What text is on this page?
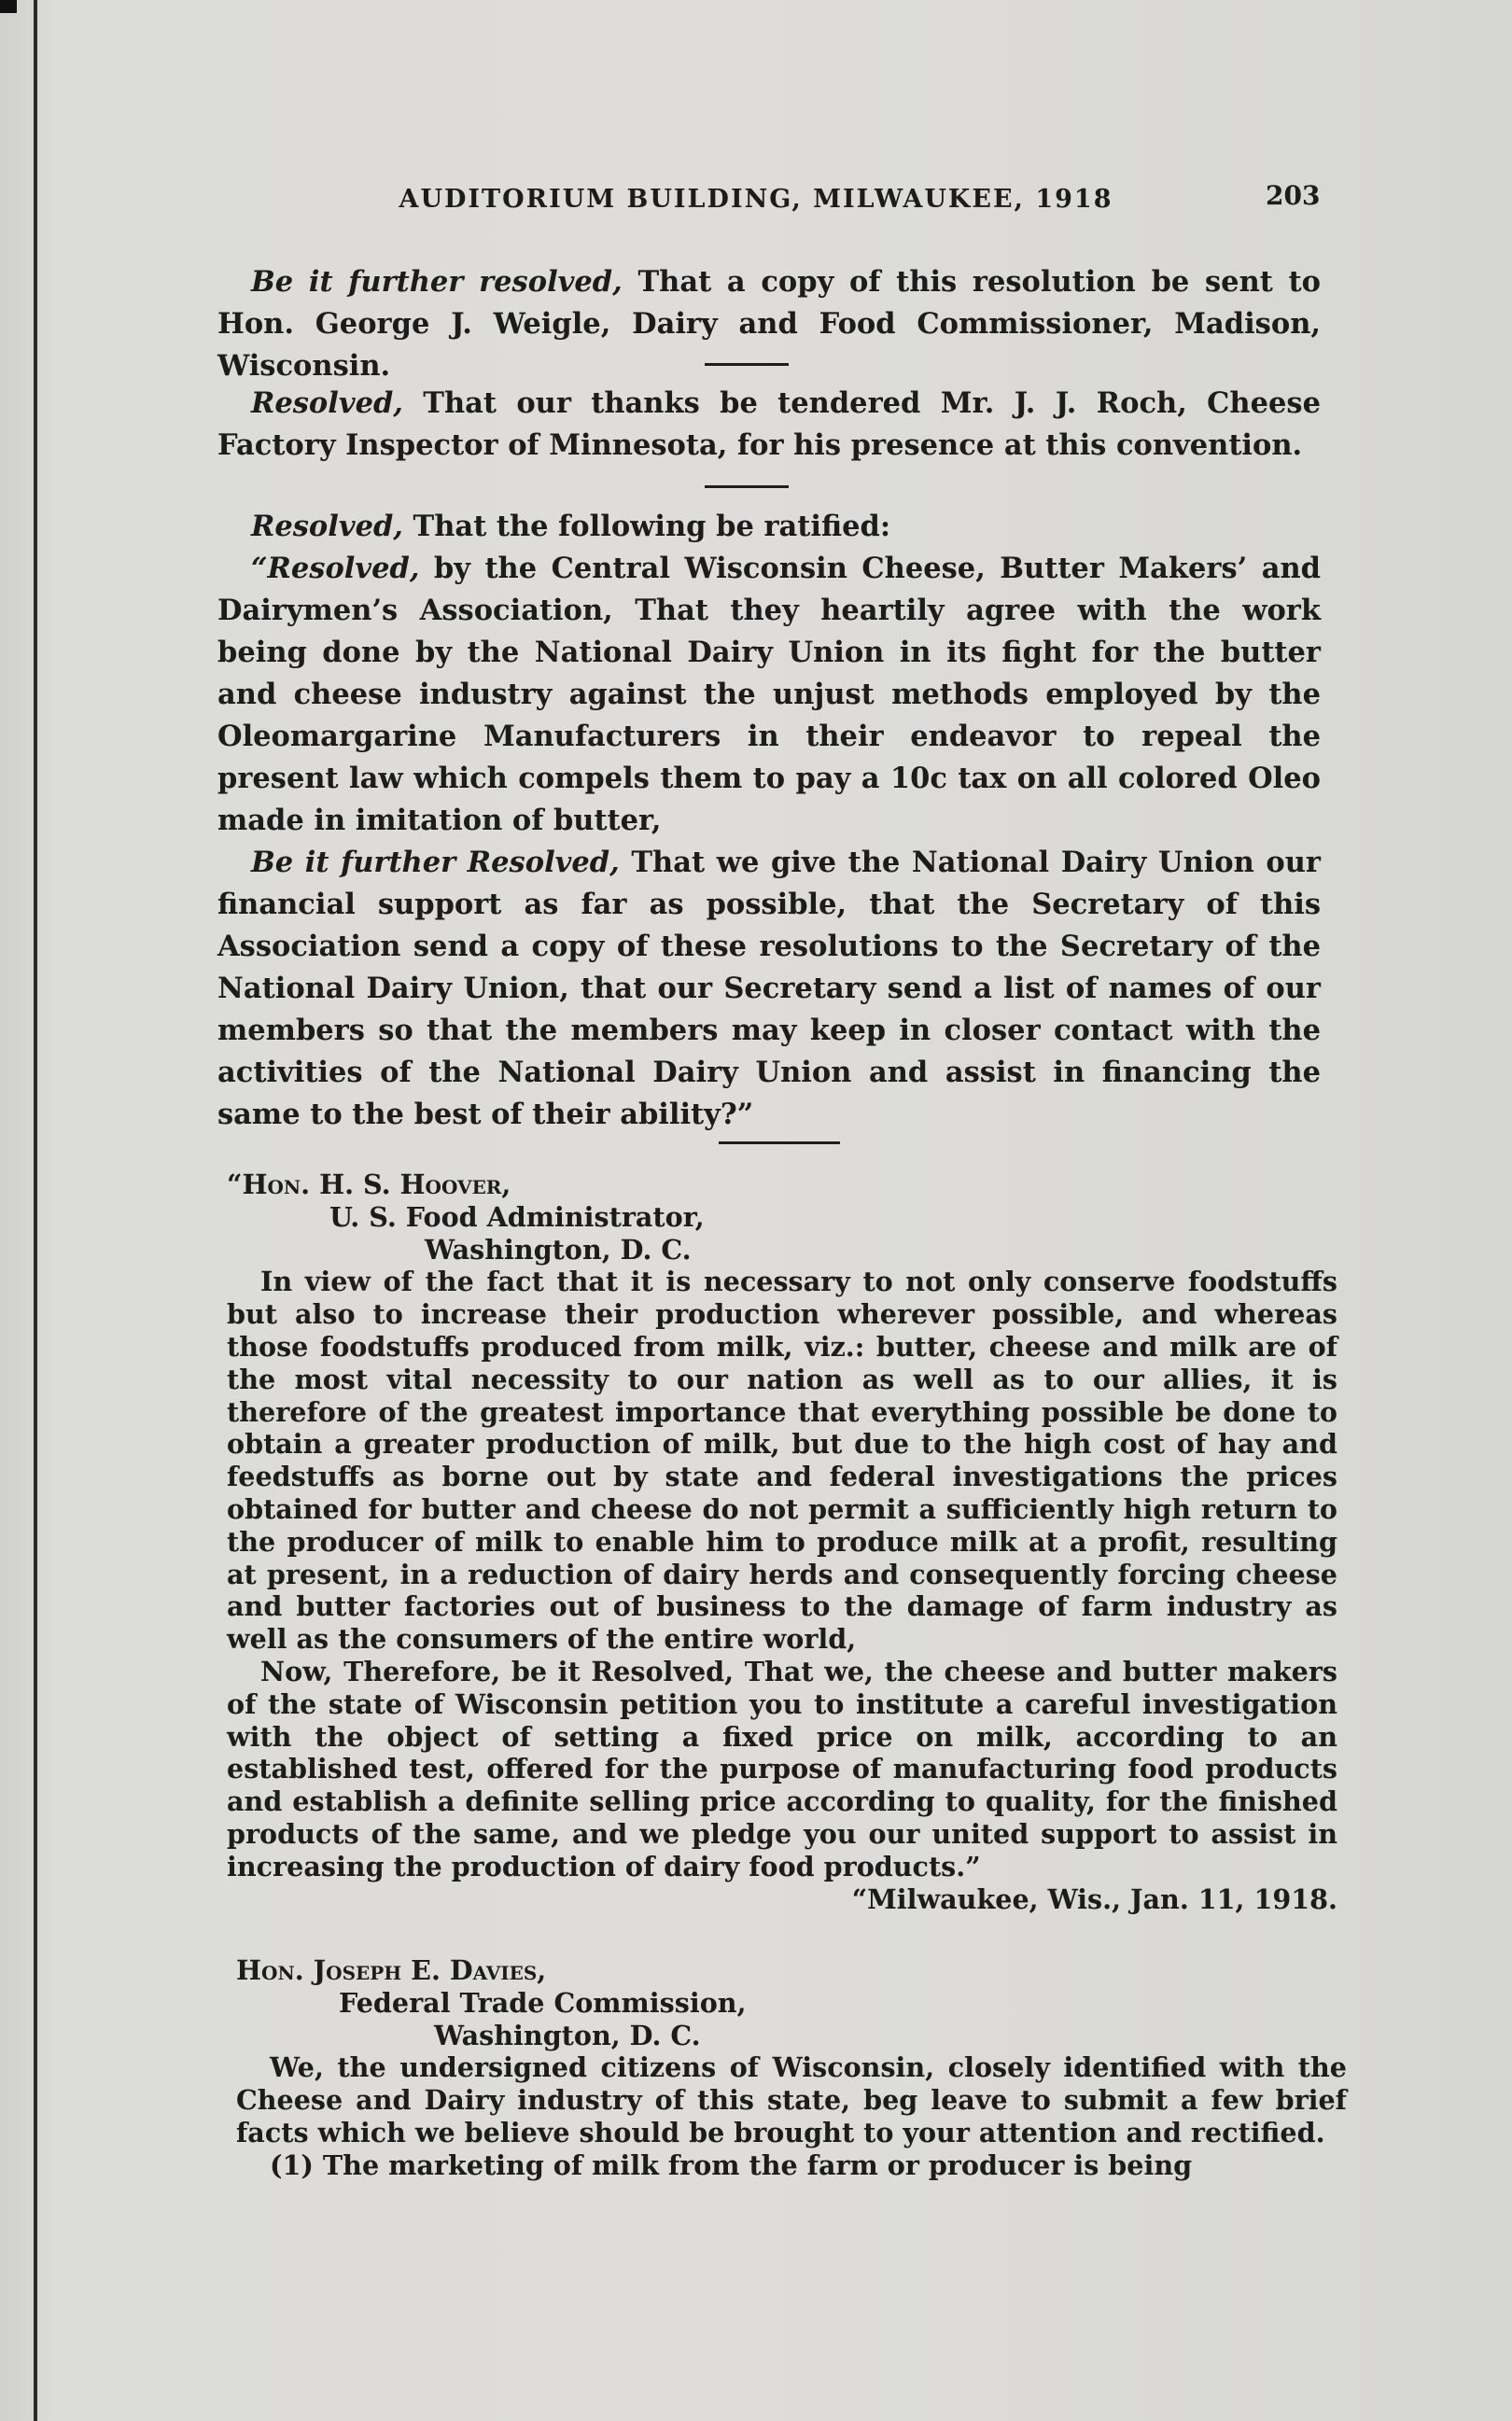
AUDITORIUM BUILDING, MILWAUKEE, 1918	203
Be it further resolved, That a copy of this resolution be sent to Hon. George J. Weigle, Dairy and Food Commissioner, Madison, Wisconsin.
Resolved, That our thanks be tendered Mr. J. J. Roch, Cheese Factory Inspector of Minnesota, for his presence at this convention.

Resolved, That the following be ratified:

“Resolved, by the Central Wisconsin Cheese, Butter Makers’ and Dairymen’s Association, That they heartily agree with the work being done by the National Dairy Union in its fight for the butter and cheese industry against the unjust methods employed by the Oleomargarine Manufacturers in their endeavor to repeal the present law which compels them to pay a 10c tax on all colored Oleo made in imitation of butter,

Be it further Resolved, That we give the National Dairy Union our financial support as far as possible, that the Secretary of this Association send a copy of these resolutions to the Secretary of the National Dairy Union, that our Secretary send a list of names of our members so that the members may keep in closer contact with the activities of the National Dairy Union and assist in financing the same to the best of their ability?”

“Hon. H. S. Hoover,

U. S. Food Administrator,

Washington, D. C.

In view of the fact that it is necessary to not only conserve foodstuffs but also to increase their production wherever possible, and whereas those foodstuffs produced from milk, viz.: butter, cheese and milk are of the most vital necessity to our nation as well as to our allies, it is therefore of the greatest importance that everything possible be done to obtain a greater production of milk, but due to the high cost of hay and feedstuffs as borne out by state and federal investigations the prices obtained for butter and cheese do not permit a sufficiently high return to the producer of milk to enable him to produce milk at a profit, resulting at present, in a reduction of dairy herds and consequently forcing cheese and butter factories out of business to the damage of farm industry as well as the consumers of the entire world,

Now, Therefore, be it Resolved, That we, the cheese and butter makers of the state of Wisconsin petition you to institute a careful investigation with the object of setting a fixed price on milk, according to an established test, offered for the purpose of manufacturing food products and establish a definite selling price according to quality, for the finished products of the same, and we pledge you our united support to assist in increasing the production of dairy food products.”

“Milwaukee, Wis., Jan. 11, 1918.

Hon. Joseph E. Davies,

Federal Trade Commission,

Washington, D. C.

We, the undersigned citizens of Wisconsin, closely identified with the Cheese and Dairy industry of this state, beg leave to submit a few brief facts which we believe should be brought to your attention and rectified.

(1) The marketing of milk from the farm or producer is being
